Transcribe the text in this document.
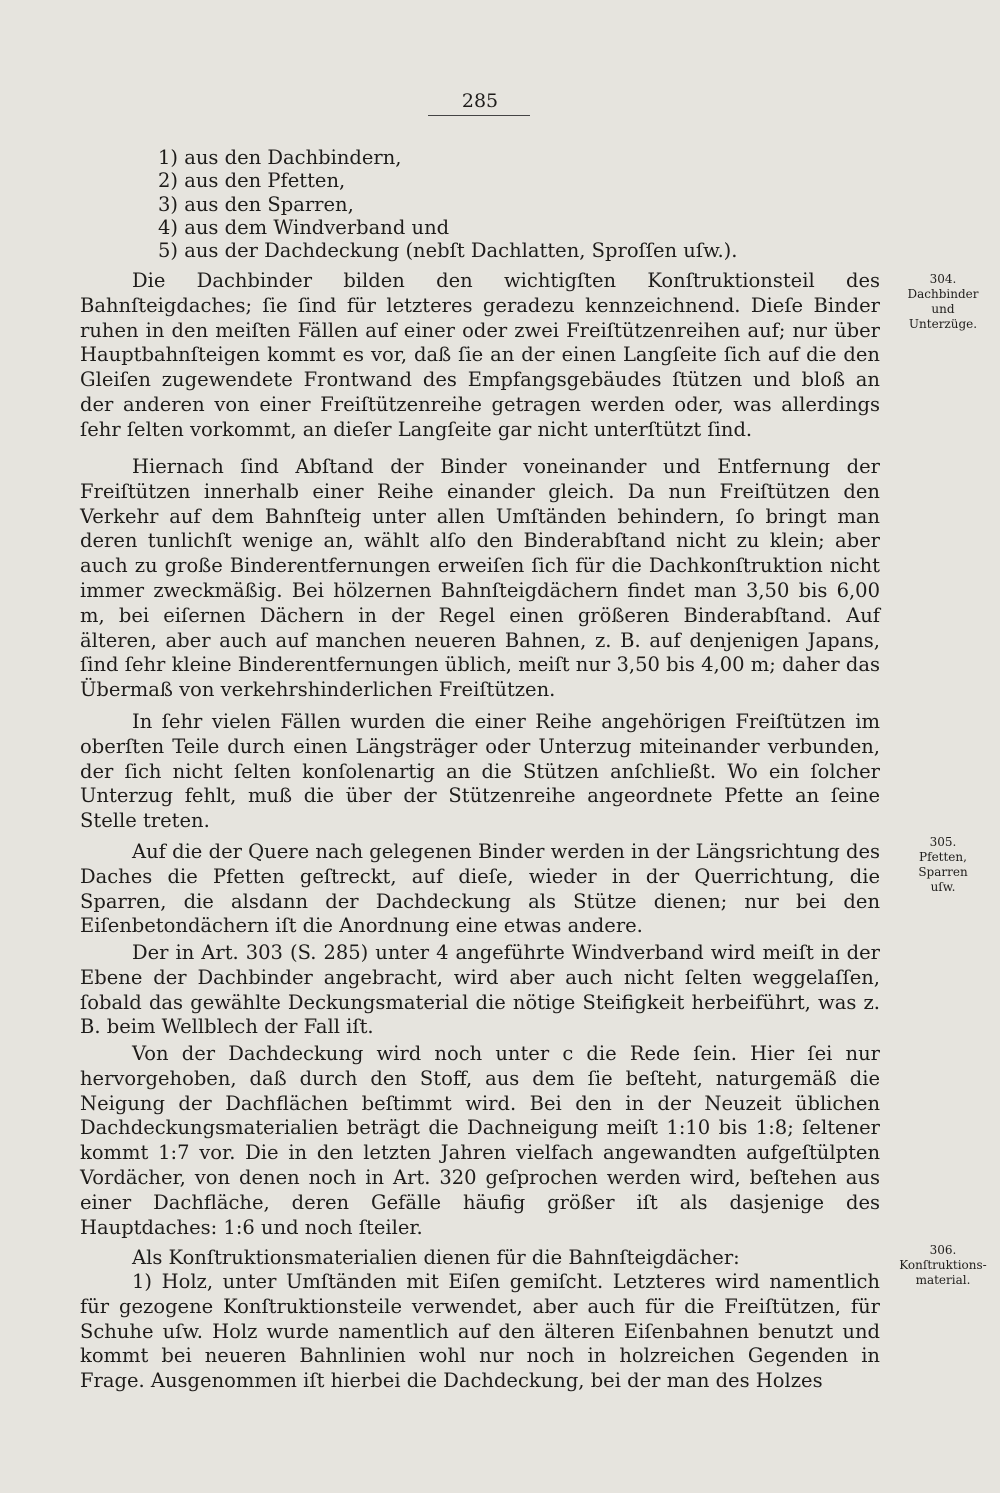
285
1) aus den Dachbindern,
2) aus den Pfetten,
3) aus den Sparren,
4) aus dem Windverband und
5) aus der Dachdeckung (nebſt Dachlatten, Sproſſen uſw.).
Die Dachbinder bilden den wichtigſten Konſtruktionsteil des Bahnſteigdaches; ſie ſind für letzteres geradezu kennzeichnend. Dieſe Binder ruhen in den meiſten Fällen auf einer oder zwei Freiſtützenreihen auf; nur über Hauptbahnſteigen kommt es vor, daß ſie an der einen Langſeite ſich auf die den Gleiſen zugewendete Frontwand des Empfangsgebäudes ſtützen und bloß an der anderen von einer Freiſtützenreihe getragen werden oder, was allerdings ſehr ſelten vorkommt, an dieſer Langſeite gar nicht unterſtützt ſind.
Hiernach ſind Abſtand der Binder voneinander und Entfernung der Freiſtützen innerhalb einer Reihe einander gleich. Da nun Freiſtützen den Verkehr auf dem Bahnſteig unter allen Umſtänden behindern, ſo bringt man deren tunlichſt wenige an, wählt alſo den Binderabſtand nicht zu klein; aber auch zu große Binderentfernungen erweiſen ſich für die Dachkonſtruktion nicht immer zweckmäßig. Bei hölzernen Bahnſteigdächern findet man 3,50 bis 6,00 m, bei eiſernen Dächern in der Regel einen größeren Binderabſtand. Auf älteren, aber auch auf manchen neueren Bahnen, z. B. auf denjenigen Japans, ſind ſehr kleine Binderentfernungen üblich, meiſt nur 3,50 bis 4,00 m; daher das Übermaß von verkehrshinderlichen Freiſtützen.
In ſehr vielen Fällen wurden die einer Reihe angehörigen Freiſtützen im oberſten Teile durch einen Längsträger oder Unterzug miteinander verbunden, der ſich nicht ſelten konſolenartig an die Stützen anſchließt. Wo ein ſolcher Unterzug fehlt, muß die über der Stützenreihe angeordnete Pfette an ſeine Stelle treten.
Auf die der Quere nach gelegenen Binder werden in der Längsrichtung des Daches die Pfetten geſtreckt, auf dieſe, wieder in der Querrichtung, die Sparren, die alsdann der Dachdeckung als Stütze dienen; nur bei den Eiſenbetondächern iſt die Anordnung eine etwas andere.
Der in Art. 303 (S. 285) unter 4 angeführte Windverband wird meiſt in der Ebene der Dachbinder angebracht, wird aber auch nicht ſelten weggelaſſen, ſobald das gewählte Deckungsmaterial die nötige Steifigkeit herbeiführt, was z. B. beim Wellblech der Fall iſt.
Von der Dachdeckung wird noch unter c die Rede ſein. Hier ſei nur hervorgehoben, daß durch den Stoff, aus dem ſie beſteht, naturgemäß die Neigung der Dachflächen beſtimmt wird. Bei den in der Neuzeit üblichen Dachdeckungsmaterialien beträgt die Dachneigung meiſt 1:10 bis 1:8; ſeltener kommt 1:7 vor. Die in den letzten Jahren vielfach angewandten aufgeſtülpten Vordächer, von denen noch in Art. 320 geſprochen werden wird, beſtehen aus einer Dachfläche, deren Gefälle häufig größer iſt als dasjenige des Hauptdaches: 1:6 und noch ſteiler.
Als Konſtruktionsmaterialien dienen für die Bahnſteigdächer:
1) Holz, unter Umſtänden mit Eiſen gemiſcht. Letzteres wird namentlich für gezogene Konſtruktionsteile verwendet, aber auch für die Freiſtützen, für Schuhe uſw. Holz wurde namentlich auf den älteren Eiſenbahnen benutzt und kommt bei neueren Bahnlinien wohl nur noch in holzreichen Gegenden in Frage. Ausgenommen iſt hierbei die Dachdeckung, bei der man des Holzes
304.
Dachbinder
und
Unterzüge.
305.
Pfetten,
Sparren
uſw.
306.
Konſtruktions-
material.
